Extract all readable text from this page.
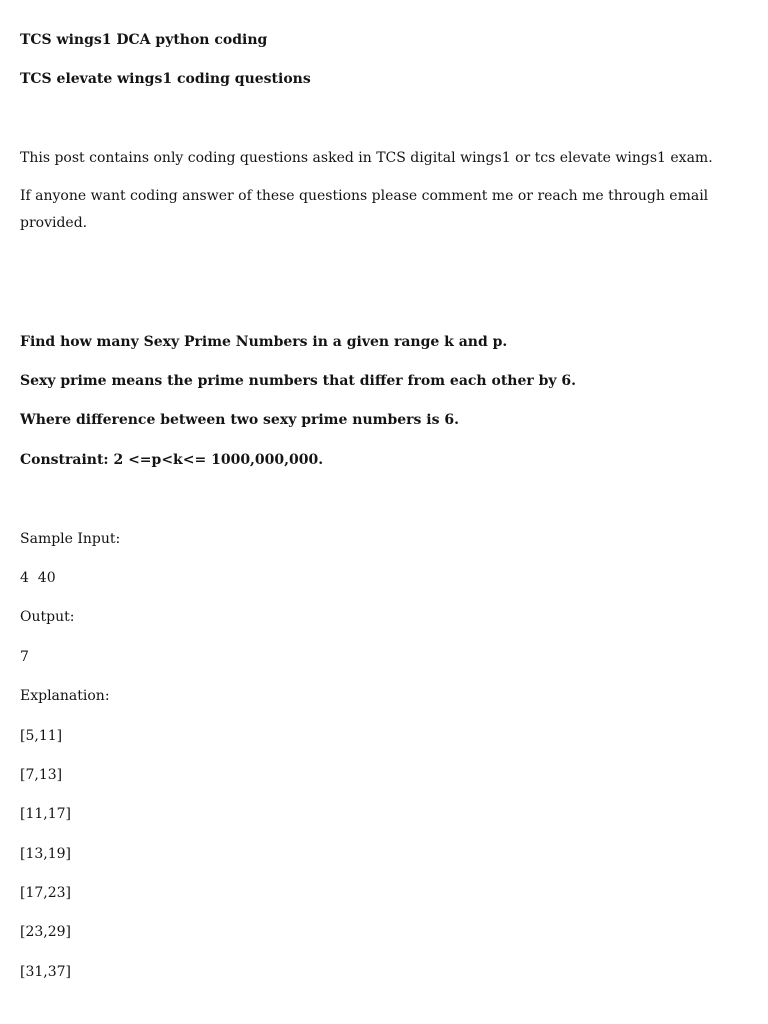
TCS wings1 DCA python coding

TCS elevate wings1 coding questions

This post contains only coding questions asked in TCS digital wings1 or tcs elevate wings1 exam.

If anyone want coding answer of these questions please comment me or reach me through email provided.

Find how many Sexy Prime Numbers in a given range k and p.

Sexy prime means the prime numbers that differ from each other by 6.

Where difference between two sexy prime numbers is 6.

Constraint: 2 <=p<k<= 1000,000,000.

Sample Input:

4  40

Output:

7

Explanation:

[5,11]

[7,13]

[11,17]

[13,19]

[17,23]

[23,29]

[31,37]
